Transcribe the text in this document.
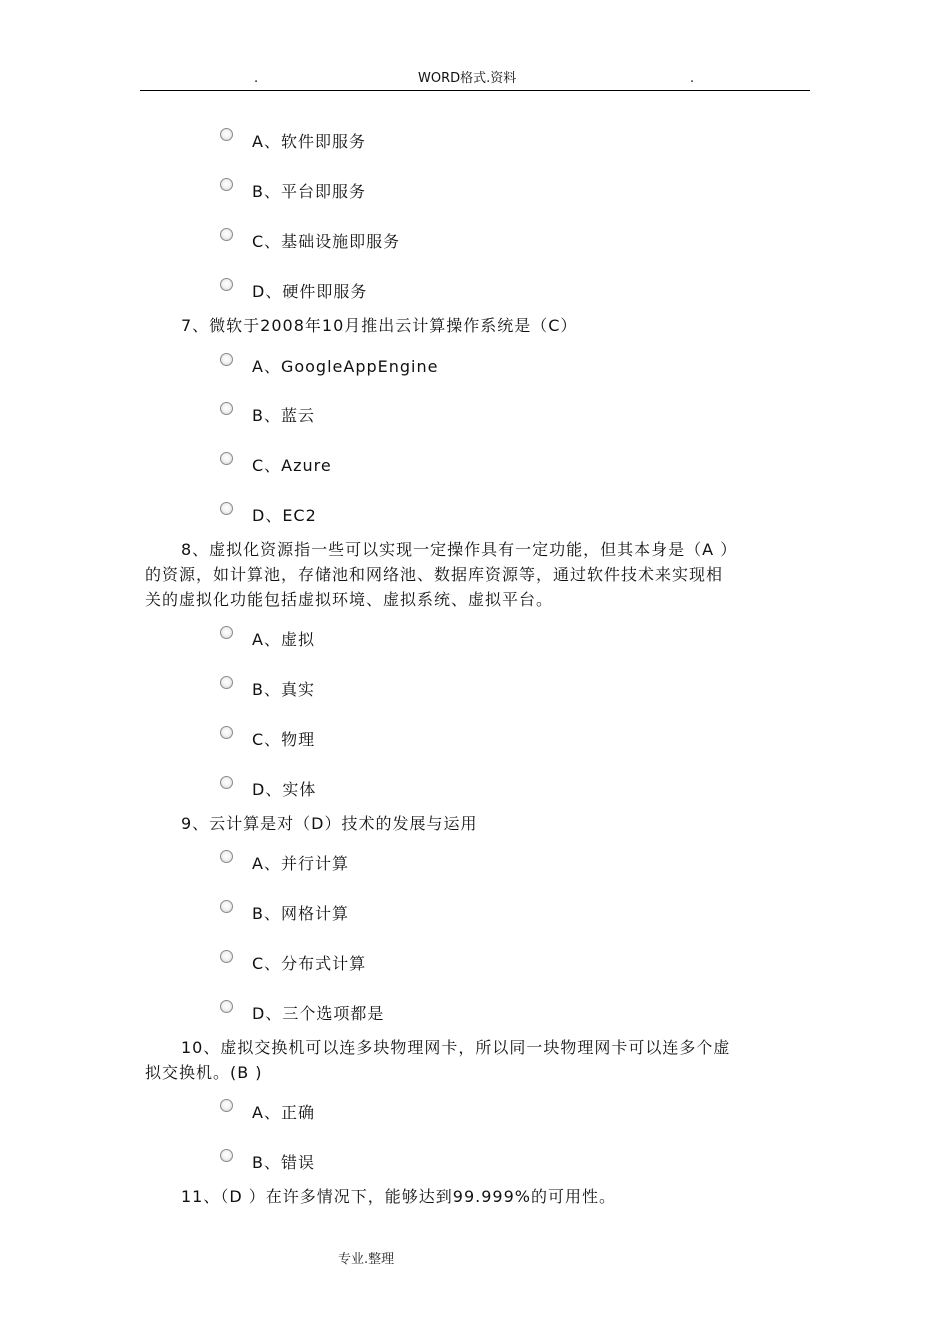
.	WORD格式.资料	.
A、软件即服务
B、平台即服务
C、基础设施即服务
D、硬件即服务
7、微软于2008年10月推出云计算操作系统是（C）
A、GoogleAppEngine
B、蓝云
C、Azure
D、EC2
8、虚拟化资源指一些可以实现一定操作具有一定功能，但其本身是（A ）
的资源，如计算池，存储池和网络池、数据库资源等，通过软件技术来实现相
关的虚拟化功能包括虚拟环境、虚拟系统、虚拟平台。
A、虚拟
B、真实
C、物理
D、实体
9、云计算是对（D）技术的发展与运用
A、并行计算
B、网格计算
C、分布式计算
D、三个选项都是
10、虚拟交换机可以连多块物理网卡，所以同一块物理网卡可以连多个虚
拟交换机。(B )
A、正确
B、错误
11、（D ）在许多情况下，能够达到99.999%的可用性。
专业.整理
